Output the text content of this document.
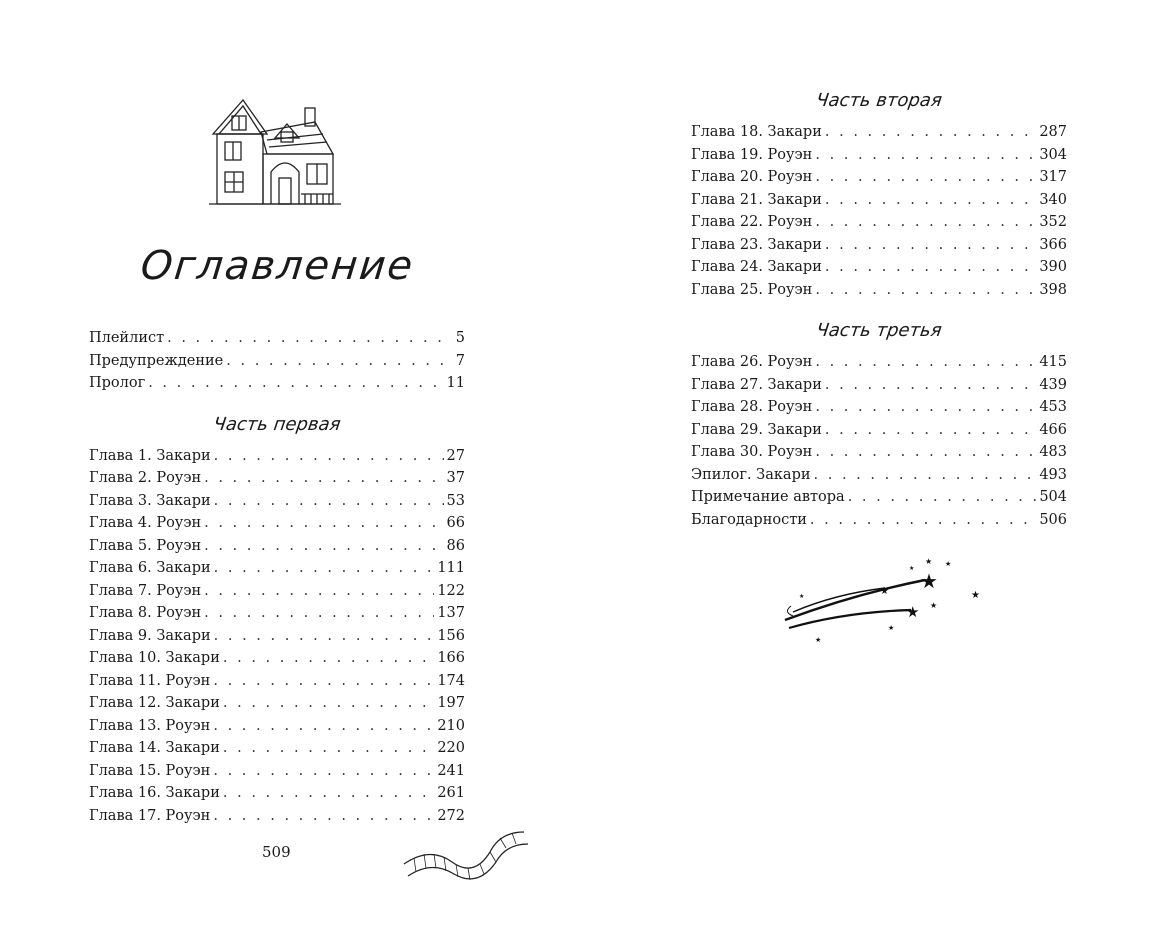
Оглавление
Плейлист . . .	5
Предупреждение . . .	7
Пролог . . .	11
Часть первая
Глава 1. Закари . . .	27
Глава 2. Роуэн . . .	37
Глава 3. Закари . . .	53
Глава 4. Роуэн . . .	66
Глава 5. Роуэн . . .	86
Глава 6. Закари . . .	111
Глава 7. Роуэн . . .	122
Глава 8. Роуэн . . .	137
Глава 9. Закари . . .	156
Глава 10. Закари . . .	166
Глава 11. Роуэн . . .	174
Глава 12. Закари . . .	197
Глава 13. Роуэн . . .	210
Глава 14. Закари . . .	220
Глава 15. Роуэн . . .	241
Глава 16. Закари . . .	261
Глава 17. Роуэн . . .	272
509
Часть вторая
Глава 18. Закари . . .	287
Глава 19. Роуэн . . .	304
Глава 20. Роуэн . . .	317
Глава 21. Закари . . .	340
Глава 22. Роуэн . . .	352
Глава 23. Закари . . .	366
Глава 24. Закари . . .	390
Глава 25. Роуэн . . .	398
Часть третья
Глава 26. Роуэн . . .	415
Глава 27. Закари . . .	439
Глава 28. Роуэн . . .	453
Глава 29. Закари . . .	466
Глава 30. Роуэн . . .	483
Эпилог. Закари . . .	493
Примечание автора . . .	504
Благодарности . . .	506
★
★
★
★ ★
★
★
★
★
★
★
